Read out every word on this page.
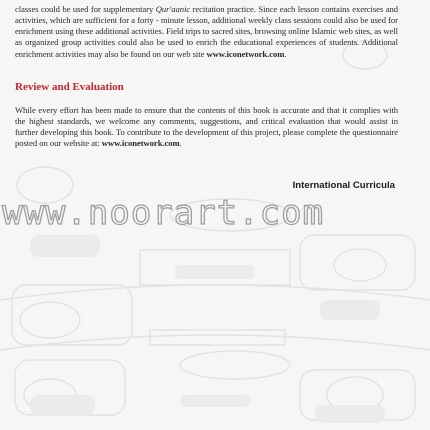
classes could be used for supplementary Qur'aanic recitation practice. Since each lesson contains exercises and activities, which are sufficient for a forty - minute lesson, additional weekly class sessions could also be used for enrichment using these additional activities. Field trips to sacred sites, browsing online Islamic web sites, as well as organized group activities could also be used to enrich the educational experiences of students. Additional enrichment activities may also be found on our web site www.iconetwork.com.

Review and Evaluation

While every effort has been made to ensure that the contents of this book is accurate and that it complies with the highest standards, we welcome any comments, suggestions, and critical evaluation that would assist in further developing this book. To contribute to the development of this project, please complete the questionnaire posted on our website at: www.iconetwork.com.

International Curricula
www.noorart.com
